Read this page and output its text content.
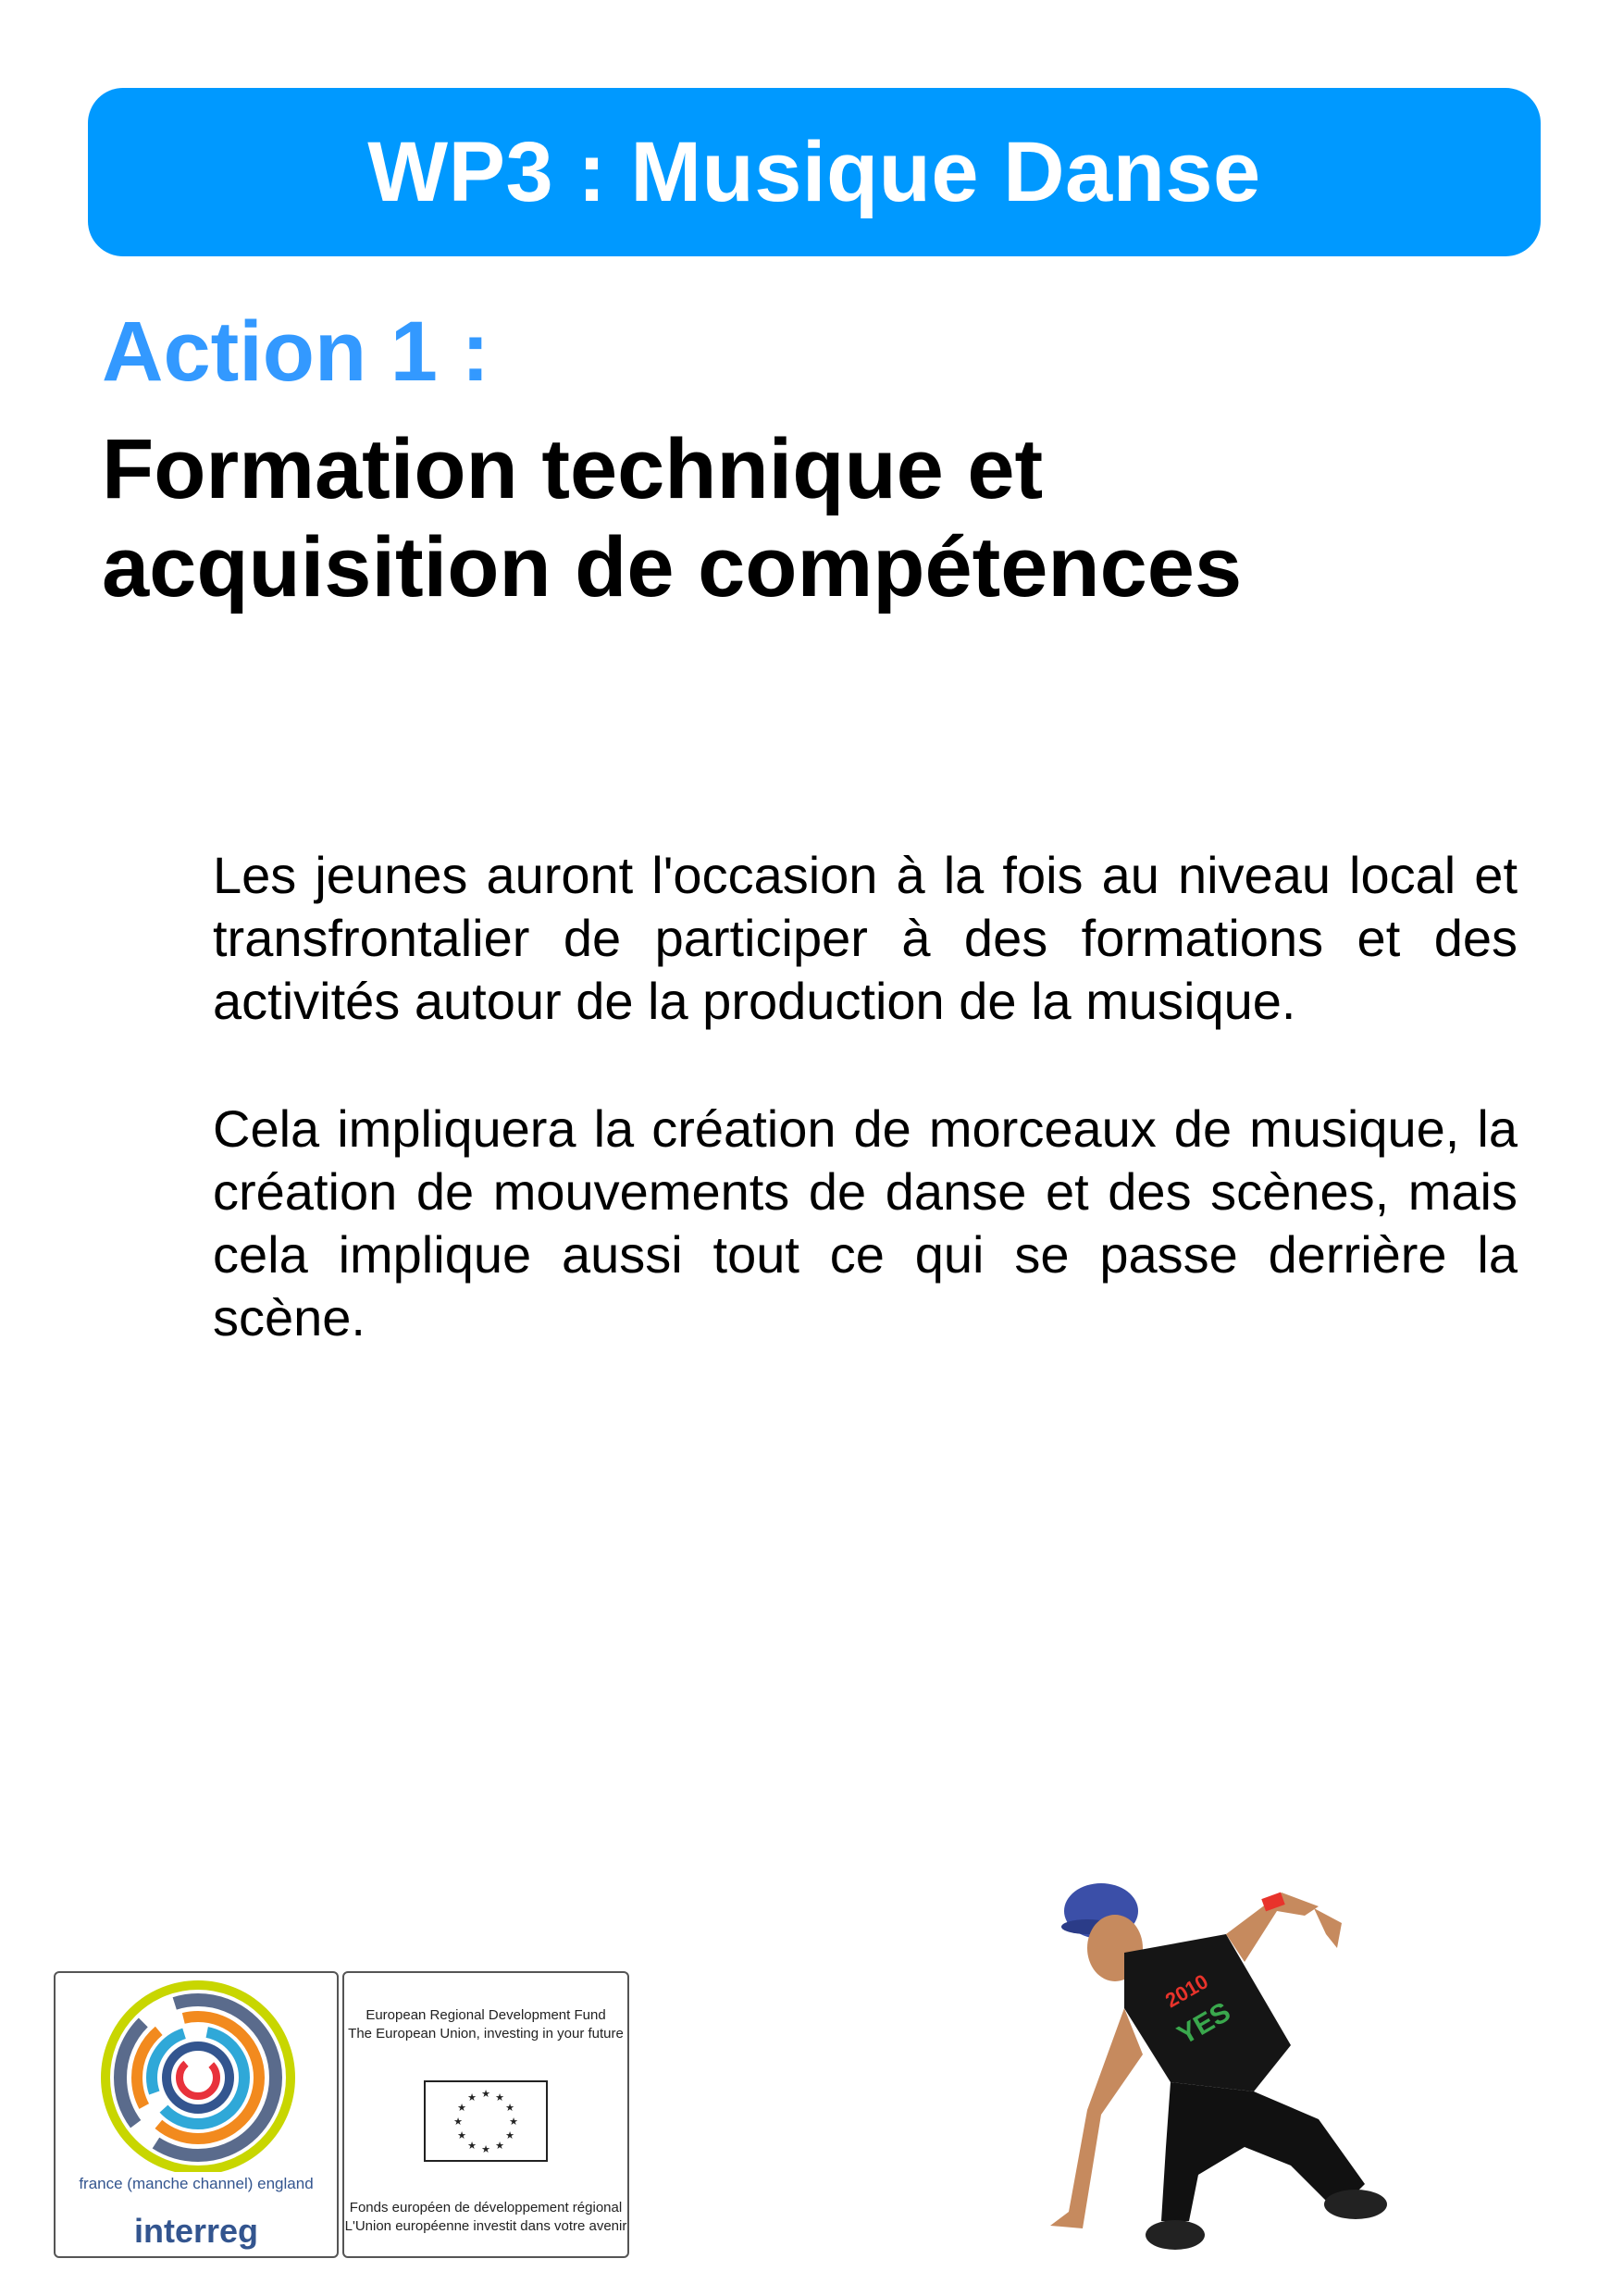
WP3 : Musique Danse
Action 1 :
Formation technique et
acquisition de compétences

Les jeunes auront l'occasion à la fois au niveau local et transfrontalier de participer à des formations et des activités autour de la production de la musique.

Cela impliquera la création de morceaux de musique, la création de mouvements de danse et des scènes, mais cela implique aussi tout ce qui se passe derrière la scène.

france (manche channel) england
interreg

European Regional Development Fund

The European Union, investing in your future

★ ★
★
★
★
★
★
★
★
★
★
★

Fonds européen de développement régional

L'Union européenne investit dans votre avenir

2010
YES
